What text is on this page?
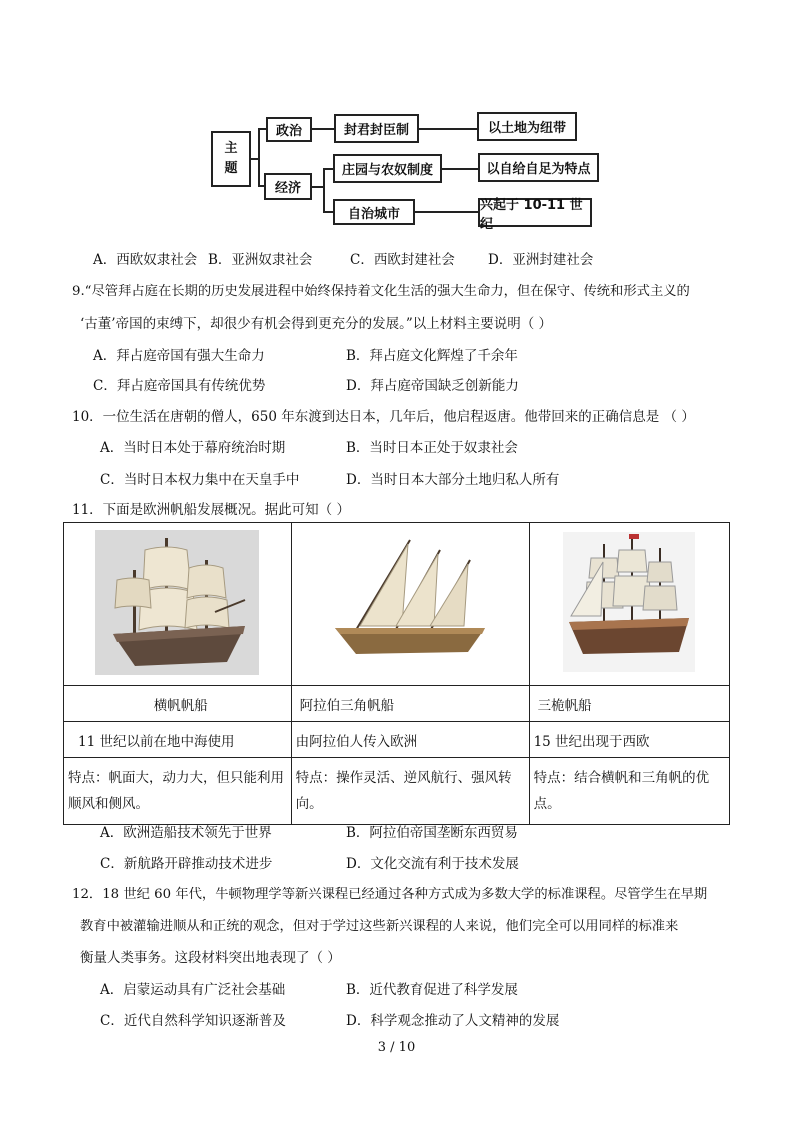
主
题
政治	封君封臣制	以土地为纽带
经济
庄园与农奴制度	以自给自足为特点
自治城市
兴起于 10-11 世纪
A．西欧奴隶社会 B．亚洲奴隶社会	C．西欧封建社会 D．亚洲封建社会
9.“尽管拜占庭在长期的历史发展进程中始终保持着文化生活的强大生命力，但在保守、传统和形式主义的
‘古董’帝国的束缚下，却很少有机会得到更充分的发展。”以上材料主要说明（ ）
A．拜占庭帝国有强大生命力	B．拜占庭文化辉煌了千余年
C．拜占庭帝国具有传统优势	D．拜占庭帝国缺乏创新能力
10．一位生活在唐朝的僧人，650 年东渡到达日本，几年后，他启程返唐。他带回来的正确信息是 （ ）
A．当时日本处于幕府统治时期	B．当时日本正处于奴隶社会
C．当时日本权力集中在天皇手中	D．当时日本大部分土地归私人所有
11．下面是欧洲帆船发展概况。据此可知（ ）

横帆帆船	阿拉伯三角帆船	三桅帆船
11 世纪以前在地中海使用	由阿拉伯人传入欧洲	15 世纪出现于西欧
特点：帆面大，动力大，但只能利用顺风和侧风。	特点：操作灵活、逆风航行、强风转向。	特点：结合横帆和三角帆的优点。
A．欧洲造船技术领先于世界	B．阿拉伯帝国垄断东西贸易
C．新航路开辟推动技术进步	D．文化交流有利于技术发展
12．18 世纪 60 年代，牛顿物理学等新兴课程已经通过各种方式成为多数大学的标准课程。尽管学生在早期
教育中被灌输进顺从和正统的观念，但对于学过这些新兴课程的人来说，他们完全可以用同样的标准来
衡量人类事务。这段材料突出地表现了（ ）
A．启蒙运动具有广泛社会基础	B．近代教育促进了科学发展
C．近代自然科学知识逐渐普及	D．科学观念推动了人文精神的发展
3 / 10
